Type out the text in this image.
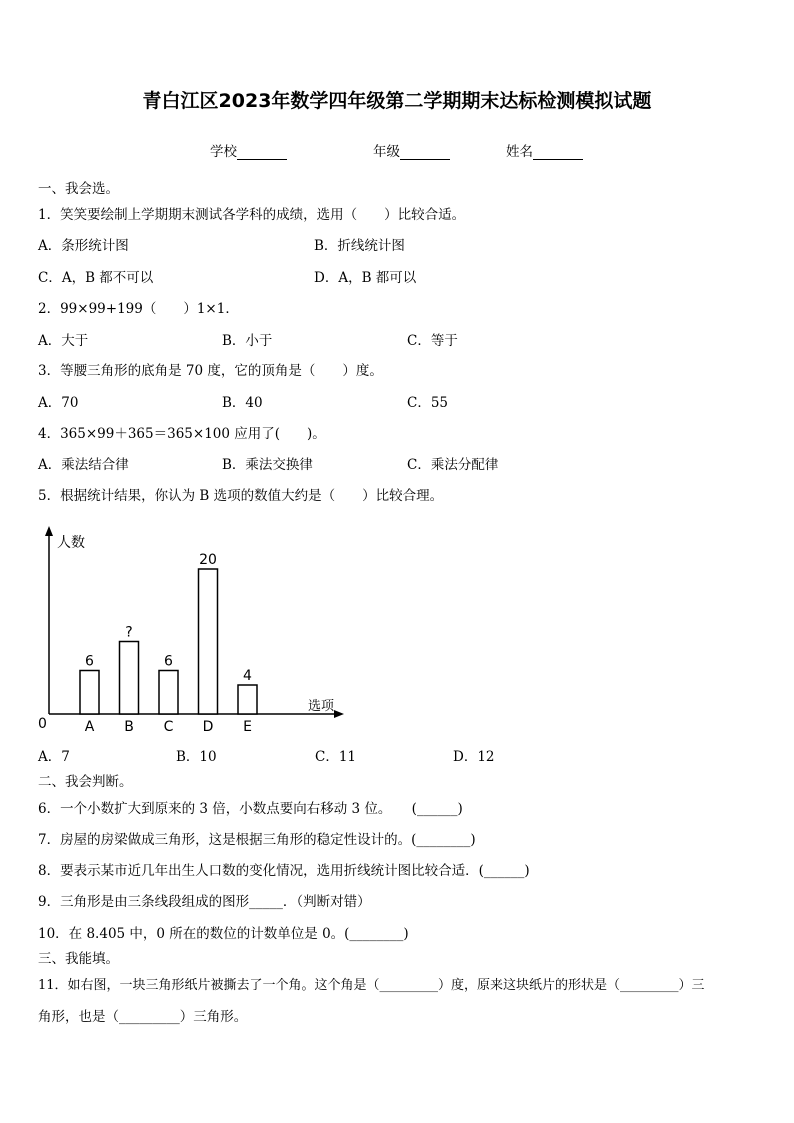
青白江区2023年数学四年级第二学期期末达标检测模拟试题
学校	年级	姓名
一、我会选。
1．笑笑要绘制上学期期末测试各学科的成绩，选用（　　）比较合适。
A．条形统计图	B．折线统计图
C．A，B 都不可以	D．A，B 都可以
2．99×99+199（　　）1×1．
A．大于	B．小于	C．等于
3．等腰三角形的底角是 70 度，它的顶角是（　　）度。
A．70	B．40	C．55
4．365×99＋365＝365×100 应用了(　　)。
A．乘法结合律	B．乘法交换律	C．乘法分配律
5．根据统计结果，你认为 B 选项的数值大约是（　　）比较合理。
人数
选项
0
6
A
?
B
6
C
20
D
4
E
A．7	B．10	C．11	D．12
二、我会判断。
6．一个小数扩大到原来的 3 倍，小数点要向右移动 3 位。　　(______)
7．房屋的房梁做成三角形，这是根据三角形的稳定性设计的。(________)
8．要表示某市近几年出生人口数的变化情况，选用折线统计图比较合适．(______)
9．三角形是由三条线段组成的图形_____．（判断对错）
10．在 8.405 中，0 所在的数位的计数单位是 0。(________)
三、我能填。
11．如右图，一块三角形纸片被撕去了一个角。这个角是（_________）度，原来这块纸片的形状是（_________）三
角形，也是（_________）三角形。
